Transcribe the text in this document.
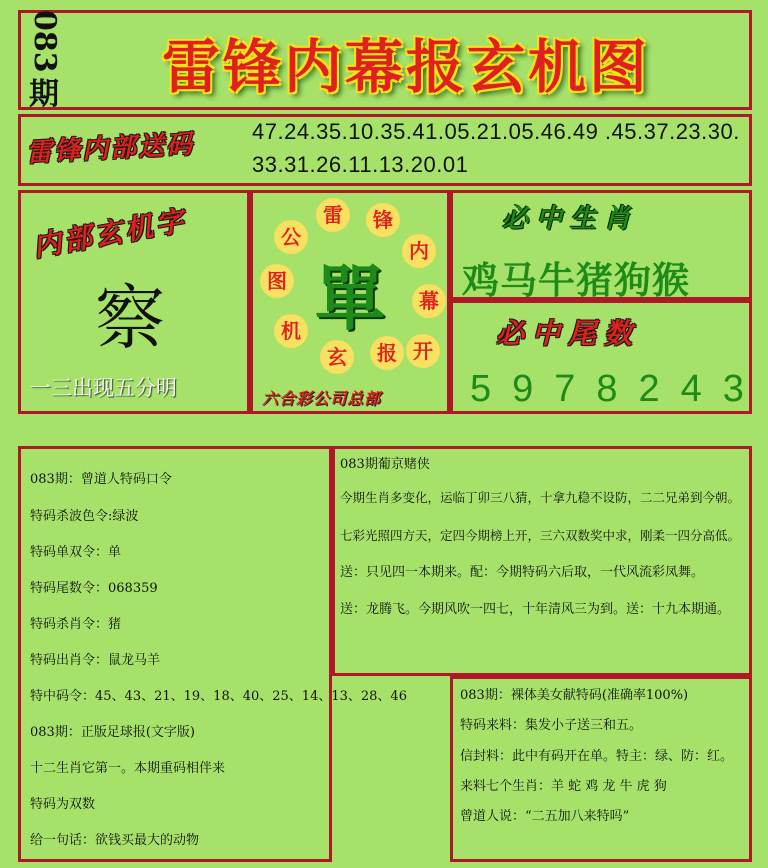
083
期	雷锋内幕报玄机图
雷锋内部送码	47.24.35.10.35.41.05.21.05.46.49 .45.37.23.30.
33.31.26.11.13.20.01
内部玄机字
察
一三出现五分明
雷 锋
内
幕
报
玄
机
图
公
开
單
六合彩公司总部
必中生肖
鸡马牛猪狗猴
必中尾数
5978243
083期：曾道人特码口令
特码杀波色令:绿波
特码单双令：单
特码尾数令：068359
特码杀肖令：猪
特码出肖令：鼠龙马羊
特中码令：45、43、21、19、18、40、25、14、13、28、46
083期：正版足球报(文字版)
十二生肖它第一。本期重码相伴来
特码为双数
给一句话：欲钱买最大的动物
083期葡京赌侠
今期生肖多变化，运临丁卯三八猜，十拿九稳不设防，二二兄弟到今朝。
七彩光照四方天，定四今期榜上开，三六双数奖中求，刚柔一四分高低。
送：只见四一本期来。配：今期特码六后取，一代风流彩凤舞。
送：龙腾飞。今期风吹一四七，十年清风三为到。送：十九本期通。
083期：裸体美女献特码(准确率100%)
特码来料：集发小子送三和五。
信封料：此中有码开在单。特主：绿、防：红。
来料七个生肖：羊 蛇 鸡 龙 牛 虎 狗
曾道人说：“二五加八来特吗”
